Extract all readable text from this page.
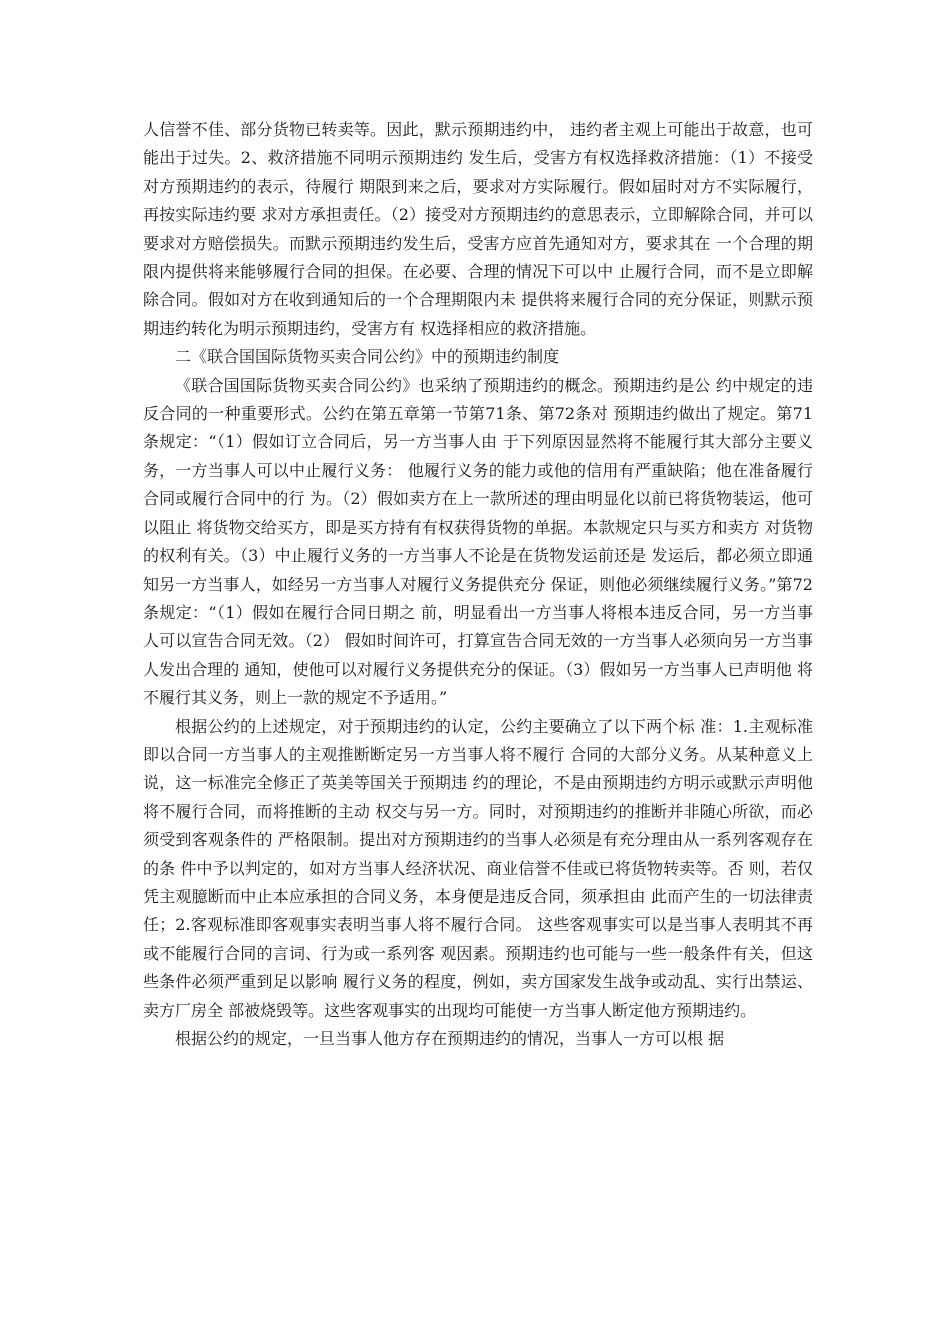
人信誉不佳、部分货物已转卖等。因此，默示预期违约中， 违约者主观上可能出于故意，也可能出于过失。2、救济措施不同明示预期违约 发生后，受害方有权选择救济措施：（1）不接受对方预期违约的表示，待履行 期限到来之后，要求对方实际履行。假如届时对方不实际履行，再按实际违约要 求对方承担责任。（2）接受对方预期违约的意思表示，立即解除合同，并可以 要求对方赔偿损失。而默示预期违约发生后，受害方应首先通知对方，要求其在 一个合理的期限内提供将来能够履行合同的担保。在必要、合理的情况下可以中 止履行合同，而不是立即解除合同。假如对方在收到通知后的一个合理期限内未 提供将来履行合同的充分保证，则默示预期违约转化为明示预期违约，受害方有 权选择相应的救济措施。

二《联合国国际货物买卖合同公约》中的预期违约制度

《联合国国际货物买卖合同公约》也采纳了预期违约的概念。预期违约是公 约中规定的违反合同的一种重要形式。公约在第五章第一节第71条、第72条对 预期违约做出了规定。第71条规定：“（1）假如订立合同后，另一方当事人由 于下列原因显然将不能履行其大部分主要义务，一方当事人可以中止履行义务： 他履行义务的能力或他的信用有严重缺陷；他在准备履行合同或履行合同中的行 为。（2）假如卖方在上一款所述的理由明显化以前已将货物装运，他可以阻止 将货物交给买方，即是买方持有有权获得货物的单据。本款规定只与买方和卖方 对货物的权利有关。（3）中止履行义务的一方当事人不论是在货物发运前还是 发运后，都必须立即通知另一方当事人，如经另一方当事人对履行义务提供充分 保证，则他必须继续履行义务。”第72条规定：“（1）假如在履行合同日期之 前，明显看出一方当事人将根本违反合同，另一方当事人可以宣告合同无效。（2） 假如时间许可，打算宣告合同无效的一方当事人必须向另一方当事人发出合理的 通知，使他可以对履行义务提供充分的保证。（3）假如另一方当事人已声明他 将不履行其义务，则上一款的规定不予适用。”

根据公约的上述规定，对于预期违约的认定，公约主要确立了以下两个标 准：1.主观标准即以合同一方当事人的主观推断断定另一方当事人将不履行 合同的大部分义务。从某种意义上说，这一标准完全修正了英美等国关于预期违 约的理论，不是由预期违约方明示或默示声明他将不履行合同，而将推断的主动 权交与另一方。同时，对预期违约的推断并非随心所欲，而必须受到客观条件的 严格限制。提出对方预期违约的当事人必须是有充分理由从一系列客观存在的条 件中予以判定的，如对方当事人经济状况、商业信誉不佳或已将货物转卖等。否 则，若仅凭主观臆断而中止本应承担的合同义务，本身便是违反合同，须承担由 此而产生的一切法律责任；2.客观标准即客观事实表明当事人将不履行合同。 这些客观事实可以是当事人表明其不再或不能履行合同的言词、行为或一系列客 观因素。预期违约也可能与一些一般条件有关，但这些条件必须严重到足以影响 履行义务的程度，例如，卖方国家发生战争或动乱、实行出禁运、卖方厂房全 部被烧毁等。这些客观事实的出现均可能使一方当事人断定他方预期违约。

根据公约的规定，一旦当事人他方存在预期违约的情况，当事人一方可以根 据
